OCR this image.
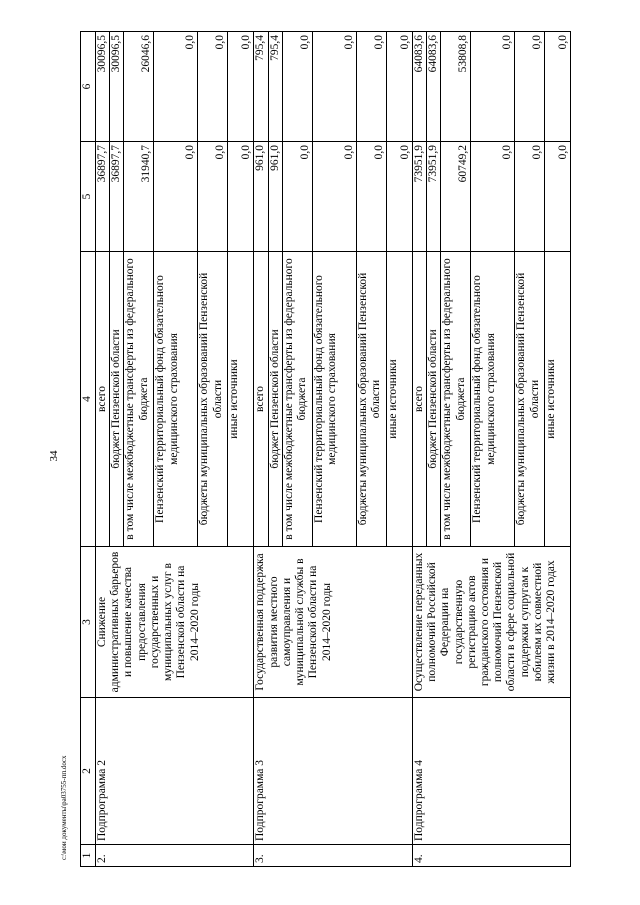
34
c:\мои документы\ра03755-пп.docx 1	2	3	4	5	6
2.	Подпрограмма 2	Снижение административных барьеров и повышение качества предоставления государственных и муниципальных услуг в Пензенской области на 2014–2020 годы	всего	36897,7	30096,5
			бюджет Пензенской области	36897,7	30096,5
			в том числе межбюджетные трансферты из федерального бюджета	31940,7	26046,6
			Пензенский территориальный фонд обязательного медицинского страхования	0,0	0,0
			бюджеты муниципальных образований Пензенской области	0,0	0,0
			иные источники	0,0	0,0
3.	Подпрограмма 3	Государственная поддержка развития местного самоуправления и муниципальной службы в Пензенской области на 2014–2020 годы	всего	961,0	795,4
			бюджет Пензенской области	961,0	795,4
			в том числе межбюджетные трансферты из федерального бюджета	0,0	0,0
			Пензенский территориальный фонд обязательного медицинского страхования	0,0	0,0
			бюджеты муниципальных образований Пензенской области	0,0	0,0
			иные источники	0,0	0,0
4.	Подпрограмма 4	Осуществление переданных полномочий Российской Федерации на государственную регистрацию актов гражданского состояния и полномочий Пензенской области в сфере социальной поддержки супругам к юбилеям их совместной жизни в 2014–2020 годах	всего	73951,9	64083,6
			бюджет Пензенской области	73951,9	64083,6
			в том числе межбюджетные трансферты из федерального бюджета	60749,2	53808,8
			Пензенский территориальный фонд обязательного медицинского страхования	0,0	0,0
			бюджеты муниципальных образований Пензенской области	0,0	0,0
			иные источники	0,0	0,0
